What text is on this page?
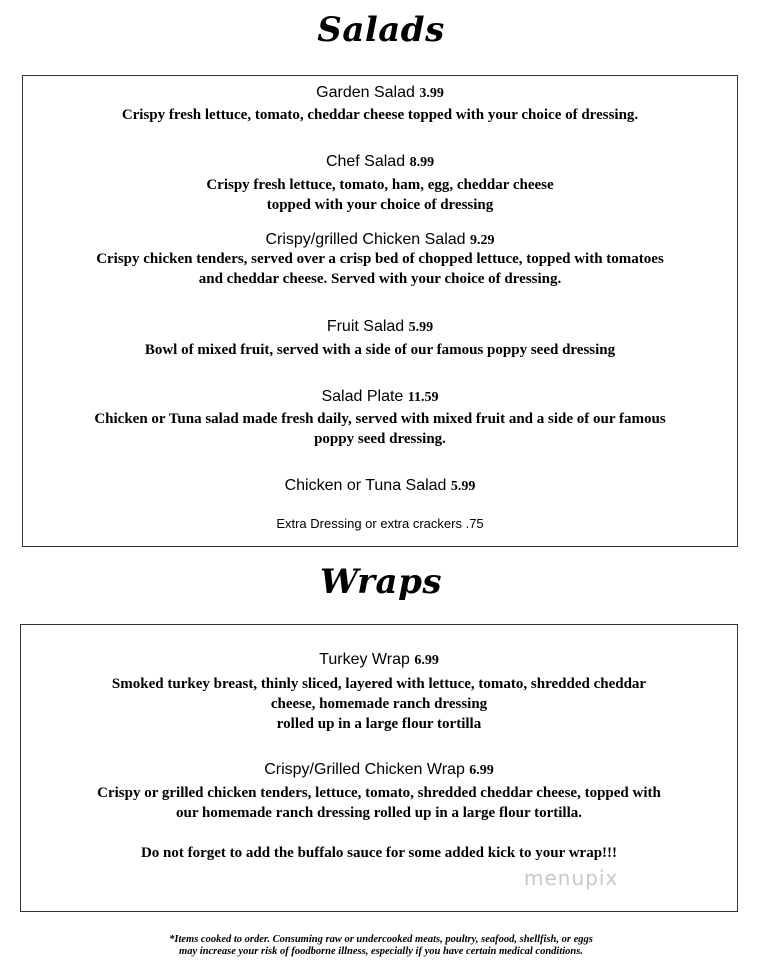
Salads
Garden Salad 3.99
Crispy fresh lettuce, tomato, cheddar cheese topped with your choice of dressing.
Chef Salad 8.99
Crispy fresh lettuce, tomato, ham, egg, cheddar cheese
topped with your choice of dressing
Crispy/grilled Chicken Salad 9.29
Crispy chicken tenders, served over a crisp bed of chopped lettuce, topped with tomatoes
and cheddar cheese. Served with your choice of dressing.
Fruit Salad 5.99
Bowl of mixed fruit, served with a side of our famous poppy seed dressing
Salad Plate 11.59
Chicken or Tuna salad made fresh daily, served with mixed fruit and a side of our famous
poppy seed dressing.
Chicken or Tuna Salad 5.99
Extra Dressing or extra crackers .75
Wraps
Turkey Wrap 6.99
Smoked turkey breast, thinly sliced, layered with lettuce, tomato, shredded cheddar
cheese, homemade ranch dressing
rolled up in a large flour tortilla
Crispy/Grilled Chicken Wrap 6.99
Crispy or grilled chicken tenders, lettuce, tomato, shredded cheddar cheese, topped with
our homemade ranch dressing rolled up in a large flour tortilla.
Do not forget to add the buffalo sauce for some added kick to your wrap!!!
menupix
*Items cooked to order. Consuming raw or undercooked meats, poultry, seafood, shellfish, or eggs
may increase your risk of foodborne illness, especially if you have certain medical conditions.
